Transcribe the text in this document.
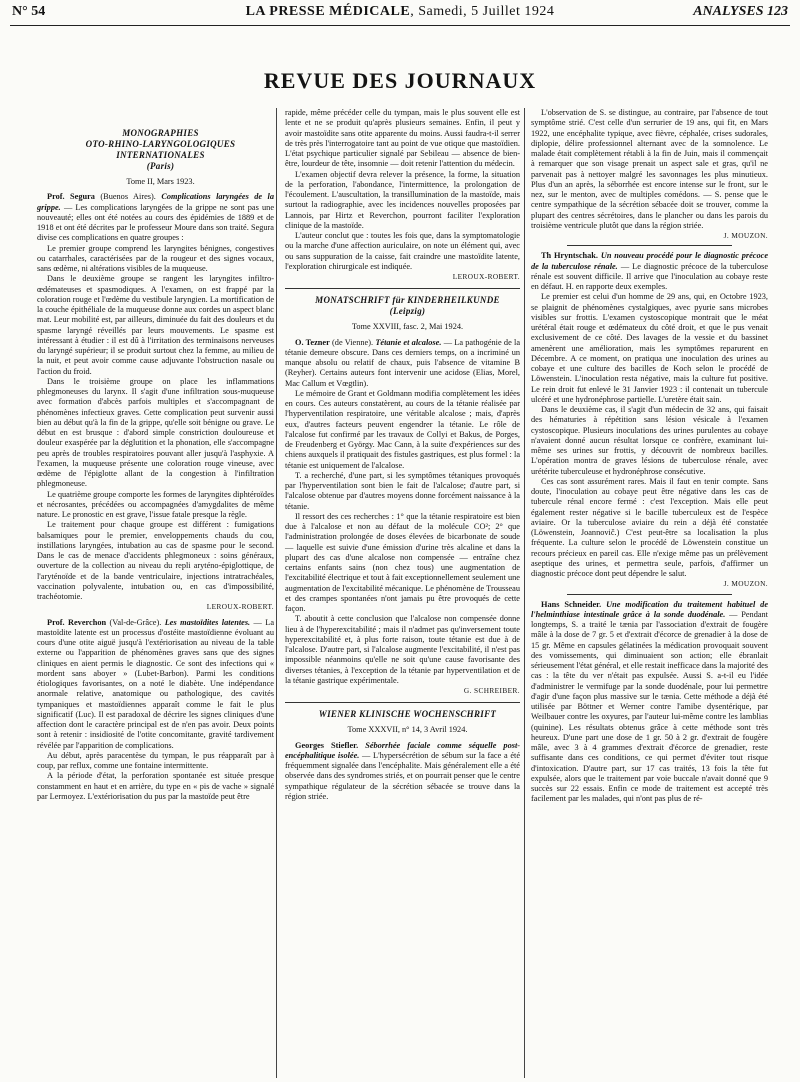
N° 54	LA PRESSE MÉDICALE, Samedi, 5 Juillet 1924	ANALYSES 123
REVUE DES JOURNAUX

MONOGRAPHIES

OTO-RHINO-LARYNGOLOGIQUES

INTERNATIONALES

(Paris)

Tome II, Mars 1923.

Prof. Segura (Buenos Aires). Complications laryngées de la grippe. — Les complications laryngées de la grippe ne sont pas une nouveauté; elles ont été notées au cours des épidémies de 1889 et de 1918 et ont été décrites par le professeur Moure dans son traité. Segura divise ces complications en quatre groupes :

Le premier groupe comprend les laryngites bénignes, congestives ou catarrhales, caractérisées par de la rougeur et des signes vocaux, sans œdème, ni altérations visibles de la muqueuse.

Dans le deuxième groupe se rangent les laryngites infiltro-œdémateuses et spasmodiques. A l'examen, on est frappé par la coloration rouge et l'œdème du vestibule laryngien. La mortification de la couche épithéliale de la muqueuse donne aux cordes un aspect blanc mat. Leur mobilité est, par ailleurs, diminuée du fait des douleurs et du spasme laryngé réveillés par leurs mouvements. Le spasme est intéressant à étudier : il est dû à l'irritation des terminaisons nerveuses du laryngé supérieur; il se produit surtout chez la femme, au milieu de la nuit, et peut avoir comme cause adjuvante l'obstruction nasale ou l'action du froid.

Dans le troisième groupe on place les inflammations phlegmoneuses du larynx. Il s'agit d'une infiltration sous-muqueuse avec formation d'abcès parfois multiples et s'accompagnant de phénomènes infectieux graves. Cette complication peut survenir aussi bien au début qu'à la fin de la grippe, qu'elle soit bénigne ou grave. Le début en est brusque : d'abord simple constriction douloureuse et douleur exaspérée par la déglutition et la phonation, elle s'accompagne peu après de troubles respiratoires pouvant aller jusqu'à l'asphyxie. A l'examen, la muqueuse présente une coloration rouge vineuse, avec œdème de l'épiglotte allant de la congestion à l'infiltration phlegmoneuse.

Le quatrième groupe comporte les formes de laryngites diphtéroïdes et nécrosantes, précédées ou accompagnées d'amygdalites de même nature. Le pronostic en est grave, l'issue fatale presque la règle.

Le traitement pour chaque groupe est différent : fumigations balsamiques pour le premier, enveloppements chauds du cou, instillations laryngées, intubation au cas de spasme pour le second. Dans le cas de menace d'accidents phlegmoneux : soins généraux, ouverture de la collection au niveau du repli aryténo-épiglottique, de l'aryténoïde et de la bande ventriculaire, injections intratrachéales, vaccination polyvalente, intubation ou, en cas d'impossibilité, trachéotomie.

LEROUX-ROBERT.

Prof. Reverchon (Val-de-Grâce). Les mastoïdites latentes. — La mastoïdite latente est un processus d'ostéite mastoïdienne évoluant au cours d'une otite aiguë jusqu'à l'extériorisation au niveau de la table externe ou l'apparition de phénomènes graves sans que des signes cliniques en aient permis le diagnostic. Ce sont des infections qui « mordent sans aboyer » (Lubet-Barbon). Parmi les conditions étiologiques favorisantes, on a noté le diabète. Une indépendance anormale relative, anatomique ou pathologique, des cavités tympaniques et mastoïdiennes apparaît comme le fait le plus significatif (Luc). Il est paradoxal de décrire les signes cliniques d'une affection dont le caractère principal est de n'en pas avoir. Deux points sont à retenir : insidiosité de l'otite concomitante, gravité tardivement révélée par l'apparition de complications.

Au début, après paracentèse du tympan, le pus réapparaît par à coup, par reflux, comme une fontaine intermittente.

A la période d'état, la perforation spontanée est située presque constamment en haut et en arrière, du type en « pis de vache » signalé par Lermoyez. L'extériorisation du pus par la mastoïde peut être

rapide, même précéder celle du tympan, mais le plus souvent elle est lente et ne se produit qu'après plusieurs semaines. Enfin, il peut y avoir mastoïdite sans otite apparente du moins. Aussi faudra-t-il serrer de très près l'interrogatoire tant au point de vue otique que mastoïdien. L'état psychique particulier signalé par Sebileau — absence de bien-être, lourdeur de tête, insomnie — doit retenir l'attention du médecin.

L'examen objectif devra relever la présence, la forme, la situation de la perforation, l'abondance, l'intermittence, la prolongation de l'écoulement. L'auscultation, la transillumination de la mastoïde, mais surtout la radiographie, avec les incidences nouvelles proposées par Lannois, par Hirtz et Reverchon, pourront faciliter l'exploration clinique de la mastoïde.

L'auteur conclut que : toutes les fois que, dans la symptomatologie ou la marche d'une affection auriculaire, on note un élément qui, avec ou sans suppuration de la caisse, fait craindre une mastoïdite latente, l'exploration chirurgicale est indiquée.

LEROUX-ROBERT.

MONATSCHRIFT für KINDERHEILKUNDE

(Leipzig)

Tome XXVIII, fasc. 2, Mai 1924.

O. Tezner (de Vienne). Tétanie et alcalose. — La pathogénie de la tétanie demeure obscure. Dans ces derniers temps, on a incriminé un manque absolu ou relatif de chaux, puis l'absence de vitamine B (Reyher). Certains auteurs font intervenir une acidose (Elias, Morel, Mac Callum et Vœgtlin).

Le mémoire de Grant et Goldmann modifia complètement les idées en cours. Ces auteurs constatèrent, au cours de la tétanie réalisée par l'hyperventilation respiratoire, une véritable alcalose ; mais, d'après eux, d'autres facteurs peuvent engendrer la tétanie. Le rôle de l'alcalose fut confirmé par les travaux de Collyi et Bakus, de Porges, de Freudenberg et György. Mac Cann, à la suite d'expériences sur des chiens auxquels il pratiquait des fistules gastriques, est plus formel : la tétanie est uniquement de l'alcalose.

T. a recherché, d'une part, si les symptômes tétaniques provoqués par l'hyperventilation sont bien le fait de l'alcalose; d'autre part, si l'alcalose obtenue par d'autres moyens donne forcément naissance à la tétanie.

Il ressort des ces recherches : 1° que la tétanie respiratoire est bien due à l'alcalose et non au défaut de la molécule CO²; 2° que l'administration prolongée de doses élevées de bicarbonate de soude — laquelle est suivie d'une émission d'urine très alcaline et dans la plupart des cas d'une alcalose non compensée — entraîne chez certains enfants sains (non chez tous) une augmentation de l'excitabilité électrique et tout à fait exceptionnellement seulement une augmentation de l'excitabilité mécanique. Le phénomène de Trousseau et des crampes spontanées n'ont jamais pu être provoqués de cette façon.

T. aboutit à cette conclusion que l'alcalose non compensée donne lieu à de l'hyperexcitabilité ; mais il n'admet pas qu'inversement toute hyperexcitabilité et, à plus forte raison, toute tétanie est due à de l'alcalose. D'autre part, si l'alcalose augmente l'excitabilité, il n'est pas impossible néanmoins qu'elle ne soit qu'une cause favorisante des diverses tétanies, à l'exception de la tétanie par hyperventilation et de la tétanie gastrique expérimentale.

G. SCHREIBER.

WIENER KLINISCHE WOCHENSCHRIFT

Tome XXXVII, n° 14, 3 Avril 1924.

Georges Stiefler. Séborrhée faciale comme séquelle post-encéphalitique isolée. — L'hypersécrétion de sébum sur la face a été fréquemment signalée dans l'encéphalite. Mais généralement elle a été observée dans des syndromes striés, et on pourrait penser que le centre sympathique régulateur de la sécrétion sébacée se trouve dans la région striée.

L'observation de S. se distingue, au contraire, par l'absence de tout symptôme strié. C'est celle d'un serrurier de 19 ans, qui fit, en Mars 1922, une encéphalite typique, avec fièvre, céphalée, crises sudorales, diplopie, délire professionnel alternant avec de la somnolence. Le malade était complètement rétabli à la fin de Juin, mais il commençait à remarquer que son visage prenait un aspect sale et gras, qu'il ne parvenait pas à nettoyer malgré les savonnages les plus minutieux. Plus d'un an après, la séborrhée est encore intense sur le front, sur le nez, sur le menton, avec de multiples comédons. — S. pense que le centre sympathique de la sécrétion sébacée doit se trouver, comme la plupart des centres sécrétoires, dans le plancher ou dans les parois du troisième ventricule plutôt que dans la région striée.

J. MOUZON.

Th Hryntschak. Un nouveau procédé pour le diagnostic précoce de la tuberculose rénale. — Le diagnostic précoce de la tuberculose rénale est souvent difficile. Il arrive que l'inoculation au cobaye reste en défaut. H. en rapporte deux exemples.

Le premier est celui d'un homme de 29 ans, qui, en Octobre 1923, se plaignit de phénomènes cystalgiques, avec pyurie sans microbes visibles sur frottis. L'examen cystoscopique montrait que le méat urétéral était rouge et œdémateux du côté droit, et que le pus venait exclusivement de ce côté. Des lavages de la vessie et du bassinet amenèrent une amélioration, mais les symptômes reparurent en Décembre. A ce moment, on pratiqua une inoculation des urines au cobaye et une culture des bacilles de Koch selon le procédé de Löwenstein. L'inoculation resta négative, mais la culture fut positive. Le rein droit fut enlevé le 31 Janvier 1923 : il contenait un tubercule ulcéré et une hydronéphrose partielle. L'uretère était sain.

Dans le deuxième cas, il s'agit d'un médecin de 32 ans, qui faisait des hématuries à répétition sans lésion vésicale à l'examen cystoscopique. Plusieurs inoculations des urines purulentes au cobaye n'avaient donné aucun résultat lorsque ce confrère, examinant lui-même ses urines sur frottis, y découvrit de nombreux bacilles. L'opération montra de graves lésions de tuberculose rénale, avec urétérite tuberculeuse et hydronéphrose consécutive.

Ces cas sont assurément rares. Mais il faut en tenir compte. Sans doute, l'inoculation au cobaye peut être négative dans les cas de tubercule rénal encore fermé : c'est l'exception. Mais elle peut également rester négative si le bacille tuberculeux est de l'espèce aviaire. Or la tuberculose aviaire du rein a déjà été constatée (Löwenstein, Joannovič.) C'est peut-être sa localisation la plus fréquente. La culture selon le procédé de Löwenstein constitue un recours précieux en pareil cas. Elle n'exige même pas un prélèvement aseptique des urines, et permettra seule, parfois, d'affirmer un diagnostic précoce dont peut dépendre le salut.

J. MOUZON.

Hans Schneider. Une modification du traitement habituel de l'helminthiase intestinale grâce à la sonde duodénale. — Pendant longtemps, S. a traité le tænia par l'association d'extrait de fougère mâle à la dose de 7 gr. 5 et d'extrait d'écorce de grenadier à la dose de 15 gr. Même en capsules gélatinées la médication provoquait souvent des vomissements, qui diminuaient son action; elle ébranlait sérieusement l'état général, et elle restait inefficace dans la majorité des cas : la tête du ver n'était pas expulsée. Aussi S. a-t-il eu l'idée d'administrer le vermifuge par la sonde duodénale, pour lui permettre d'agir d'une façon plus massive sur le tænia. Cette méthode a déjà été utilisée par Böttner et Werner contre l'amibe dysentérique, par Weilbauer contre les oxyures, par l'auteur lui-même contre les lamblias (quinine). Les résultats obtenus grâce à cette méthode sont très heureux. D'une part une dose de 1 gr. 50 à 2 gr. d'extrait de fougère mâle, avec 3 à 4 grammes d'extrait d'écorce de grenadier, reste suffisante dans ces conditions, ce qui permet d'éviter tout risque d'intoxication. D'autre part, sur 17 cas traités, 13 fois la tête fut expulsée, alors que le traitement par voie buccale n'avait donné que 9 succès sur 22 essais. Enfin ce mode de traitement est accepté très facilement par les malades, qui n'ont pas plus de ré-
